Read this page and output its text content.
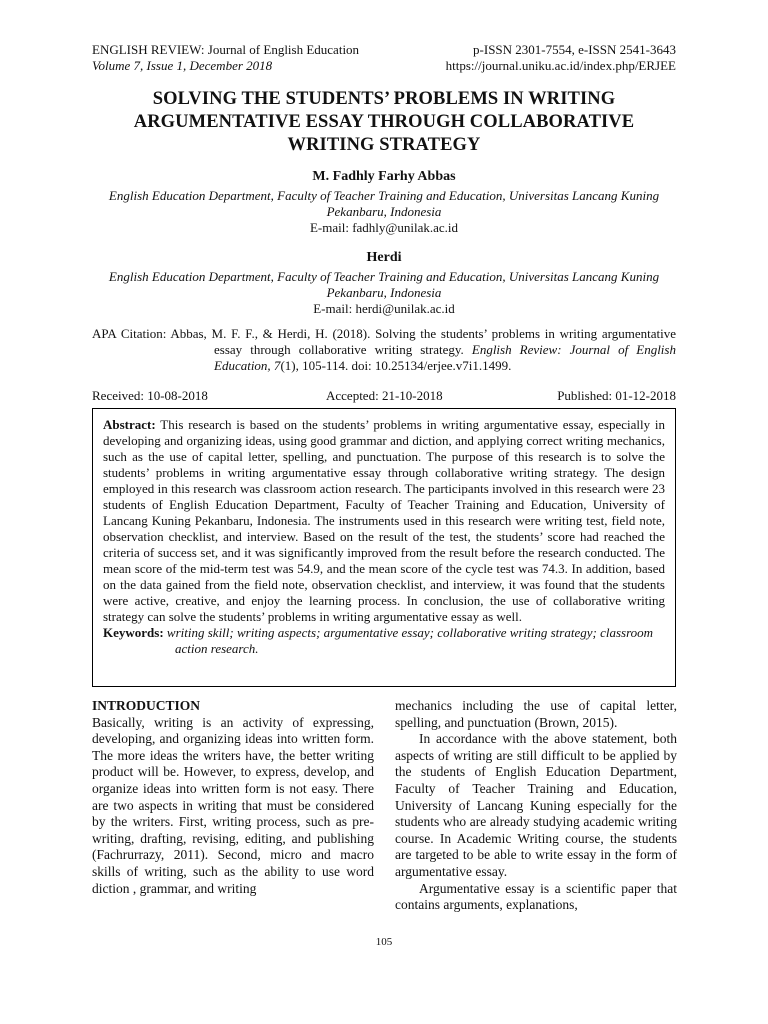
ENGLISH REVIEW: Journal of English Education
Volume 7, Issue 1, December 2018
p-ISSN 2301-7554, e-ISSN 2541-3643
https://journal.uniku.ac.id/index.php/ERJEE
SOLVING THE STUDENTS’ PROBLEMS IN WRITING ARGUMENTATIVE ESSAY THROUGH COLLABORATIVE WRITING STRATEGY
M. Fadhly Farhy Abbas
English Education Department, Faculty of Teacher Training and Education, Universitas Lancang Kuning Pekanbaru, Indonesia
E-mail: fadhly@unilak.ac.id
Herdi
English Education Department, Faculty of Teacher Training and Education, Universitas Lancang Kuning Pekanbaru, Indonesia
E-mail: herdi@unilak.ac.id
APA Citation: Abbas, M. F. F., & Herdi, H. (2018). Solving the students’ problems in writing argumentative essay through collaborative writing strategy. English Review: Journal of English Education, 7(1), 105-114. doi: 10.25134/erjee.v7i1.1499.
Received: 10-08-2018	Accepted: 21-10-2018	Published: 01-12-2018
Abstract: This research is based on the students’ problems in writing argumentative essay, especially in developing and organizing ideas, using good grammar and diction, and applying correct writing mechanics, such as the use of capital letter, spelling, and punctuation. The purpose of this research is to solve the students’ problems in writing argumentative essay through collaborative writing strategy. The design employed in this research was classroom action research. The participants involved in this research were 23 students of English Education Department, Faculty of Teacher Training and Education, University of Lancang Kuning Pekanbaru, Indonesia. The instruments used in this research were writing test, field note, observation checklist, and interview. Based on the result of the test, the students’ score had reached the criteria of success set, and it was significantly improved from the result before the research conducted. The mean score of the mid-term test was 54.9, and the mean score of the cycle test was 74.3. In addition, based on the data gained from the field note, observation checklist, and interview, it was found that the students were active, creative, and enjoy the learning process. In conclusion, the use of collaborative writing strategy can solve the students’ problems in writing argumentative essay as well.
Keywords: writing skill; writing aspects; argumentative essay; collaborative writing strategy; classroom action research.
INTRODUCTION

Basically, writing is an activity of expressing, developing, and organizing ideas into written form. The more ideas the writers have, the better writing product will be. However, to express, develop, and organize ideas into written form is not easy. There are two aspects in writing that must be considered by the writers. First, writing process, such as pre-writing, drafting, revising, editing, and publishing (Fachrurrazy, 2011). Second, micro and macro skills of writing, such as the ability to use word diction , grammar, and writing

mechanics including the use of capital letter, spelling, and punctuation (Brown, 2015).

In accordance with the above statement, both aspects of writing are still difficult to be applied by the students of English Education Department, Faculty of Teacher Training and Education, University of Lancang Kuning especially for the students who are already studying academic writing course. In Academic Writing course, the students are targeted to be able to write essay in the form of argumentative essay.

Argumentative essay is a scientific paper that contains arguments, explanations,

105
